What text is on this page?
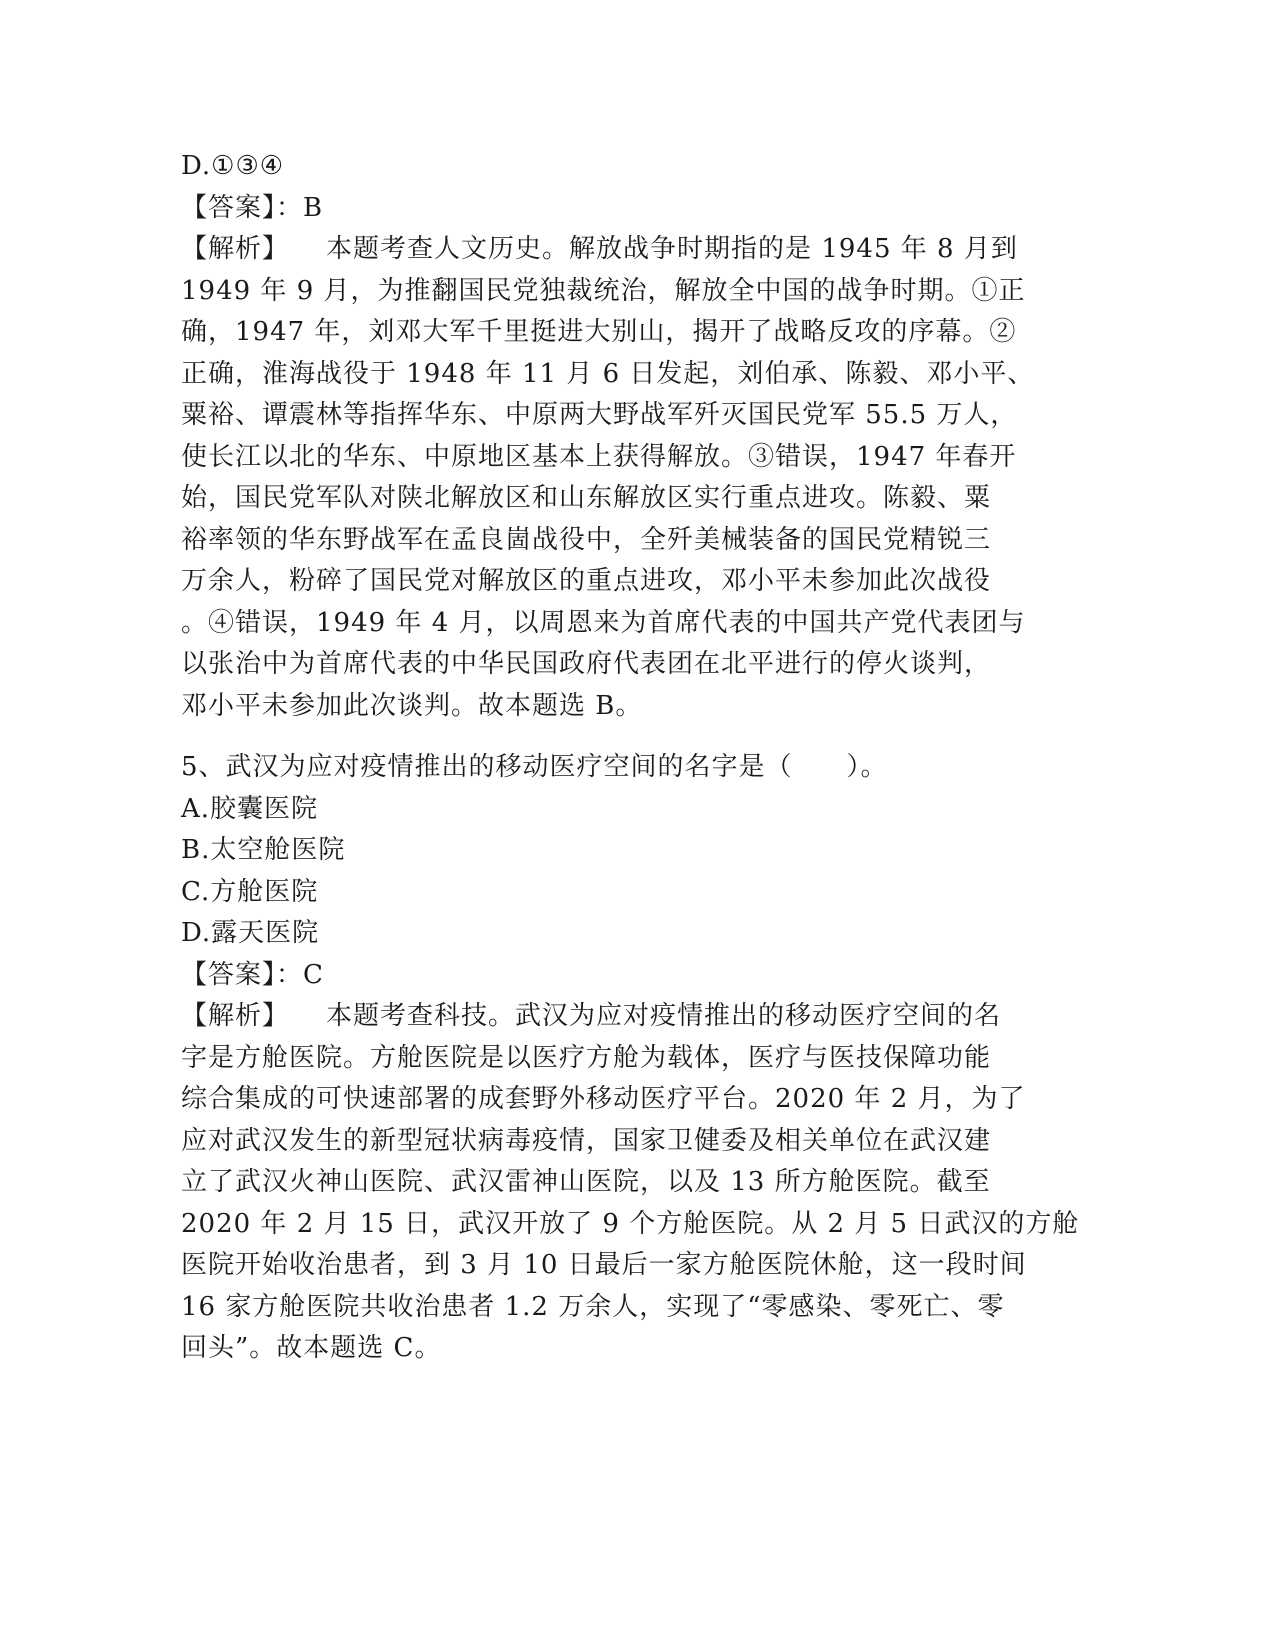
D.①③④
【答案】：B
【解析】    本题考查人文历史。解放战争时期指的是 1945 年 8 月到
1949 年 9 月，为推翻国民党独裁统治，解放全中国的战争时期。①正
确，1947 年，刘邓大军千里挺进大别山，揭开了战略反攻的序幕。②
正确，淮海战役于 1948 年 11 月 6 日发起，刘伯承、陈毅、邓小平、
粟裕、谭震林等指挥华东、中原两大野战军歼灭国民党军 55.5 万人，
使长江以北的华东、中原地区基本上获得解放。③错误，1947 年春开
始，国民党军队对陕北解放区和山东解放区实行重点进攻。陈毅、粟
裕率领的华东野战军在孟良崮战役中，全歼美械装备的国民党精锐三
万余人，粉碎了国民党对解放区的重点进攻，邓小平未参加此次战役
。④错误，1949 年 4 月，以周恩来为首席代表的中国共产党代表团与
以张治中为首席代表的中华民国政府代表团在北平进行的停火谈判，
邓小平未参加此次谈判。故本题选 B。
5、武汉为应对疫情推出的移动医疗空间的名字是（　　）。
A.胶囊医院
B.太空舱医院
C.方舱医院
D.露天医院
【答案】：C
【解析】    本题考查科技。武汉为应对疫情推出的移动医疗空间的名
字是方舱医院。方舱医院是以医疗方舱为载体，医疗与医技保障功能
综合集成的可快速部署的成套野外移动医疗平台。2020 年 2 月，为了
应对武汉发生的新型冠状病毒疫情，国家卫健委及相关单位在武汉建
立了武汉火神山医院、武汉雷神山医院，以及 13 所方舱医院。截至
2020 年 2 月 15 日，武汉开放了 9 个方舱医院。从 2 月 5 日武汉的方舱
医院开始收治患者，到 3 月 10 日最后一家方舱医院休舱，这一段时间
16 家方舱医院共收治患者 1.2 万余人，实现了“零感染、零死亡、零
回头”。故本题选 C。
